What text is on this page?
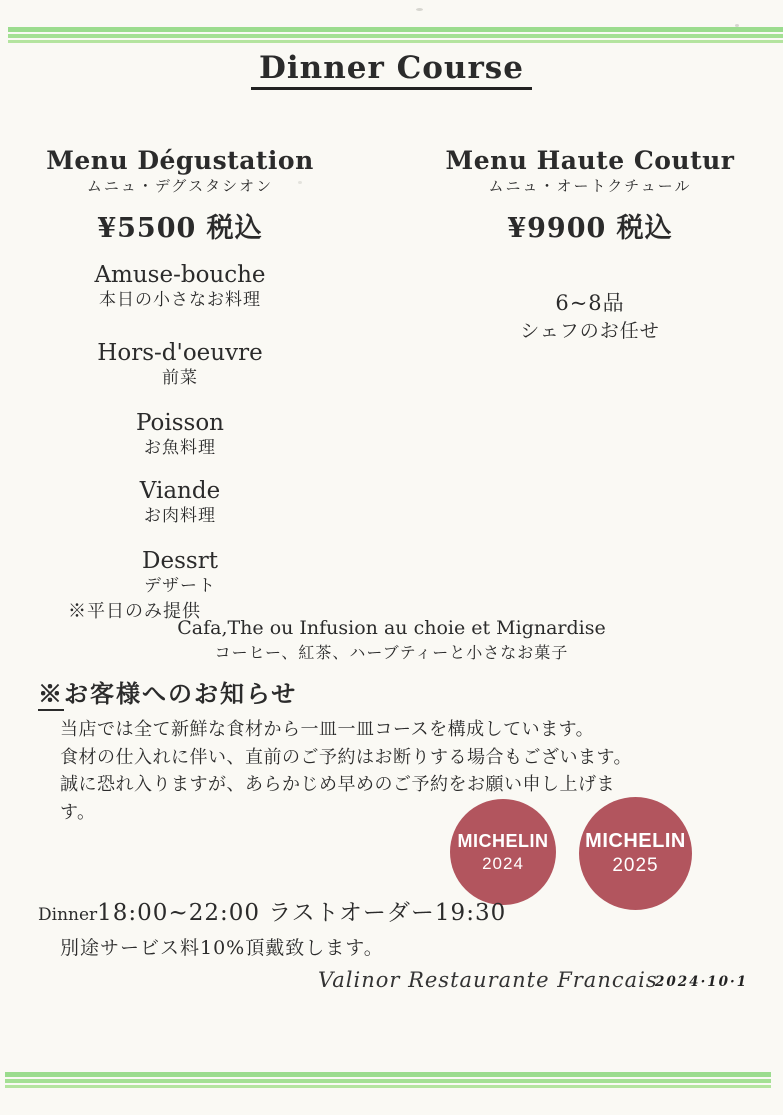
Dinner Course
Menu Dégustation
ムニュ・デグスタシオン
¥5500 税込
Amuse-bouche
本日の小さなお料理
Hors-d'oeuvre
前菜
Poisson
お魚料理
Viande
お肉料理
Dessrt
デザート
※平日のみ提供
Menu Haute Coutur
ムニュ・オートクチュール
¥9900 税込
6~8品
シェフのお任せ
Cafa,The ou Infusion au choie et Mignardise
コーヒー、紅茶、ハーブティーと小さなお菓子
※お客様へのお知らせ
当店では全て新鮮な食材から一皿一皿コースを構成しています。
食材の仕入れに伴い、直前のご予約はお断りする場合もございます。
誠に恐れ入りますが、あらかじめ早めのご予約をお願い申し上げます。
MICHELIN
2024
MICHELIN
2025
Dinner18:00~22:00 ラストオーダー19:30
別途サービス料10%頂戴致します。
Valinor Restaurante Francais
2024·10·1
